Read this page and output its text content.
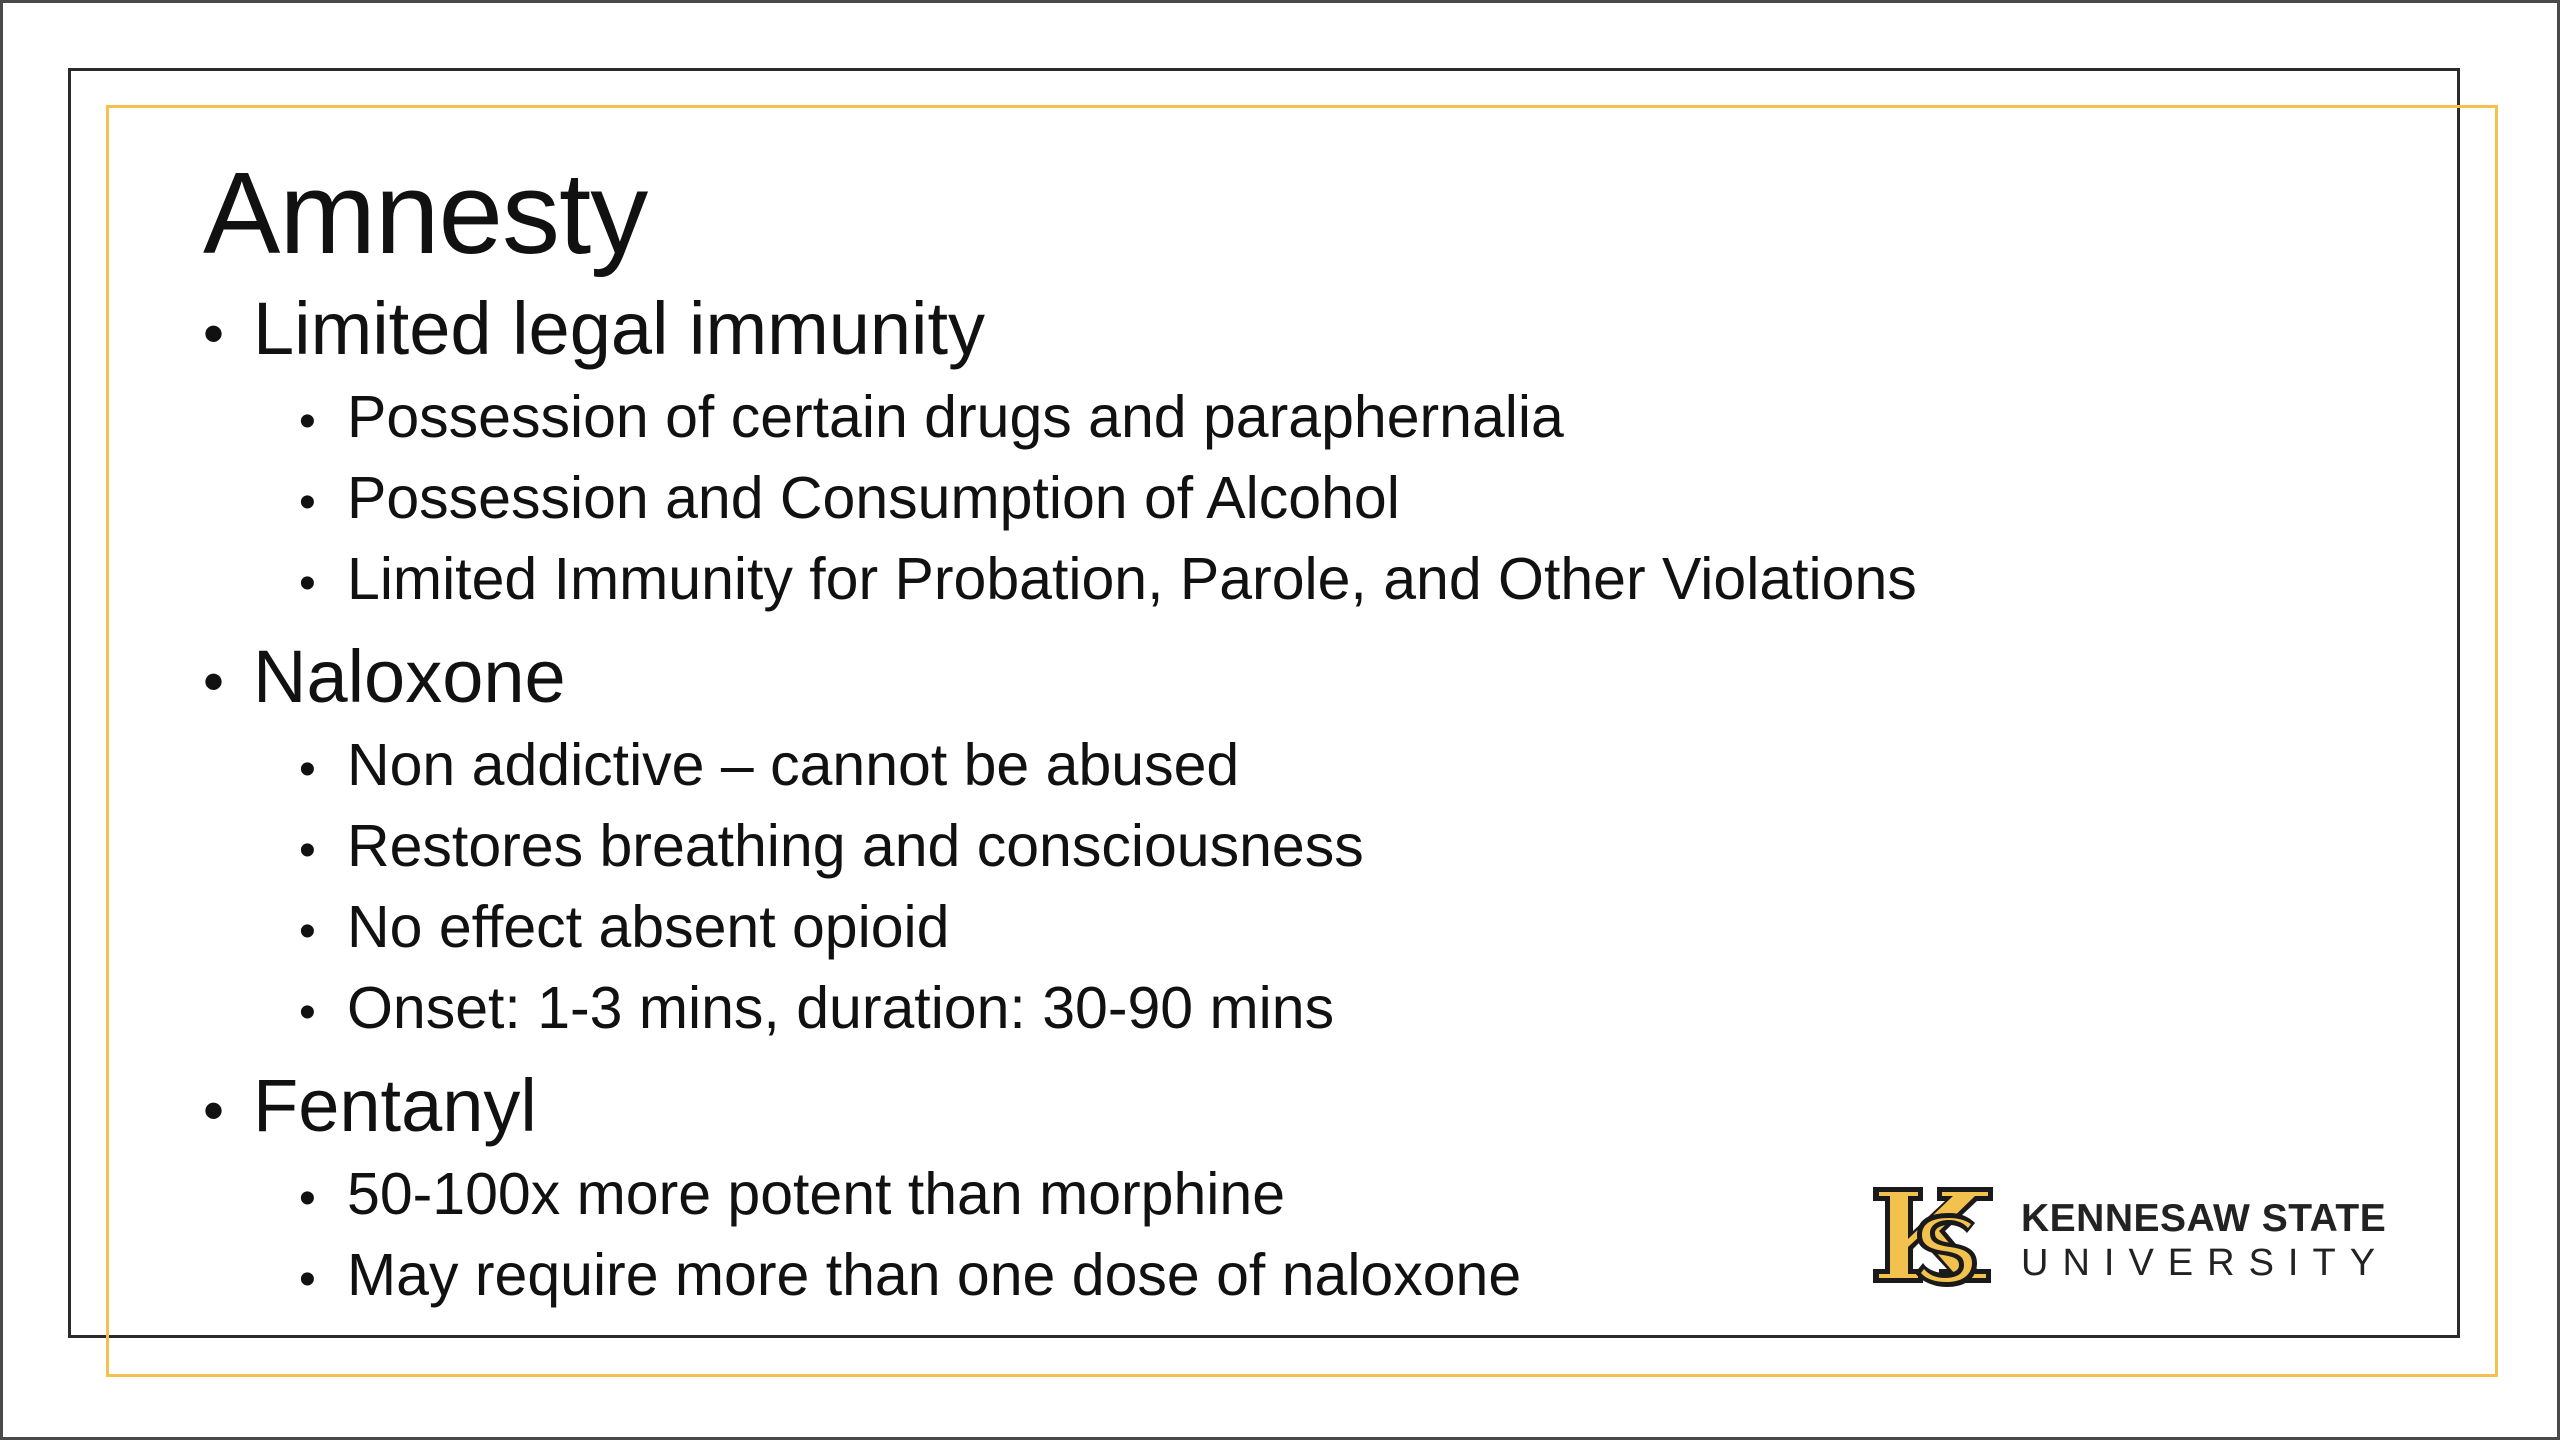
Amnesty
• Limited legal immunity
• Possession of certain drugs and paraphernalia
• Possession and Consumption of Alcohol
• Limited Immunity for Probation, Parole, and Other Violations
• Naloxone
• Non addictive – cannot be abused
• Restores breathing and consciousness
• No effect absent opioid
• Onset: 1-3 mins, duration: 30-90 mins
• Fentanyl
• 50-100x more potent than morphine
• May require more than one dose of naloxone
KENNESAW STATE
UNIVERSITY
